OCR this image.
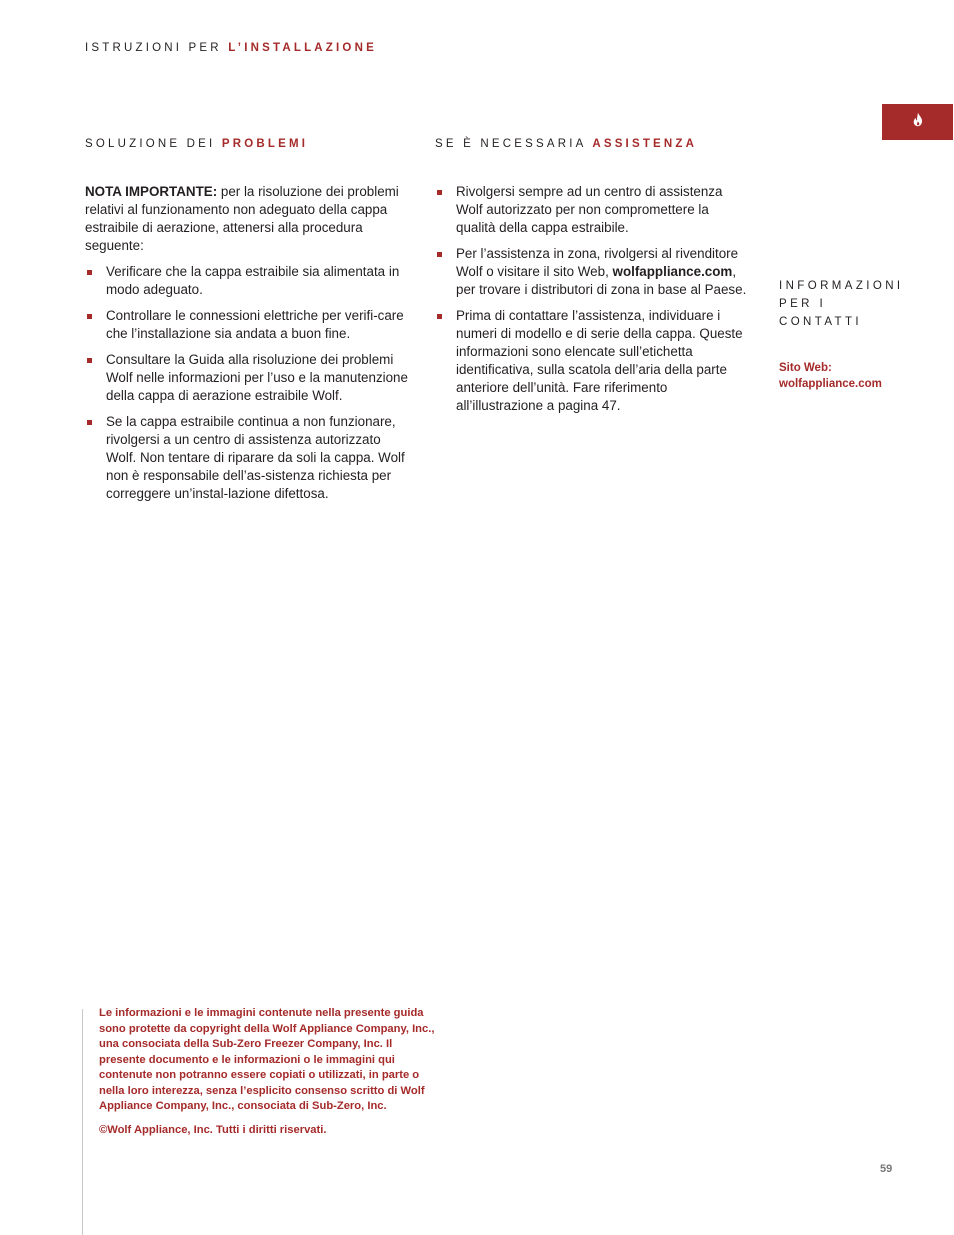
ISTRUZIONI PER L’INSTALLAZIONE
SOLUZIONE DEI PROBLEMI

NOTA IMPORTANTE: per la risoluzione dei problemi relativi al funzionamento non adeguato della cappa estraibile di aerazione, attenersi alla procedura seguente:

Verificare che la cappa estraibile sia alimentata in modo adeguato.
Controllare le connessioni elettriche per verifi-care che l’installazione sia andata a buon fine.
Consultare la Guida alla risoluzione dei problemi Wolf nelle informazioni per l’uso e la manutenzione della cappa di aerazione estraibile Wolf.
Se la cappa estraibile continua a non funzionare, rivolgersi a un centro di assistenza autorizzato Wolf. Non tentare di riparare da soli la cappa. Wolf non è responsabile dell’as-sistenza richiesta per correggere un’instal-lazione difettosa.
SE È NECESSARIA ASSISTENZA
Rivolgersi sempre ad un centro di assistenza Wolf autorizzato per non compromettere la qualità della cappa estraibile.
Per l’assistenza in zona, rivolgersi al rivenditore Wolf o visitare il sito Web, wolfappliance.com, per trovare i distributori di zona in base al Paese.
Prima di contattare l’assistenza, individuare i numeri di modello e di serie della cappa. Queste informazioni sono elencate sull’etichetta identificativa, sulla scatola dell’aria della parte anteriore dell’unità. Fare riferimento all’illustrazione a pagina 47.
INFORMAZIONI
PER I
CONTATTI
Sito Web:
wolfappliance.com

Le informazioni e le immagini contenute nella presente guida sono protette da copyright della Wolf Appliance Company, Inc., una consociata della Sub-Zero Freezer Company, Inc. Il presente documento e le informazioni o le immagini qui contenute non potranno essere copiati o utilizzati, in parte o nella loro interezza, senza l’esplicito consenso scritto di Wolf Appliance Company, Inc., consociata di Sub-Zero, Inc.

©Wolf Appliance, Inc. Tutti i diritti riservati.

59
